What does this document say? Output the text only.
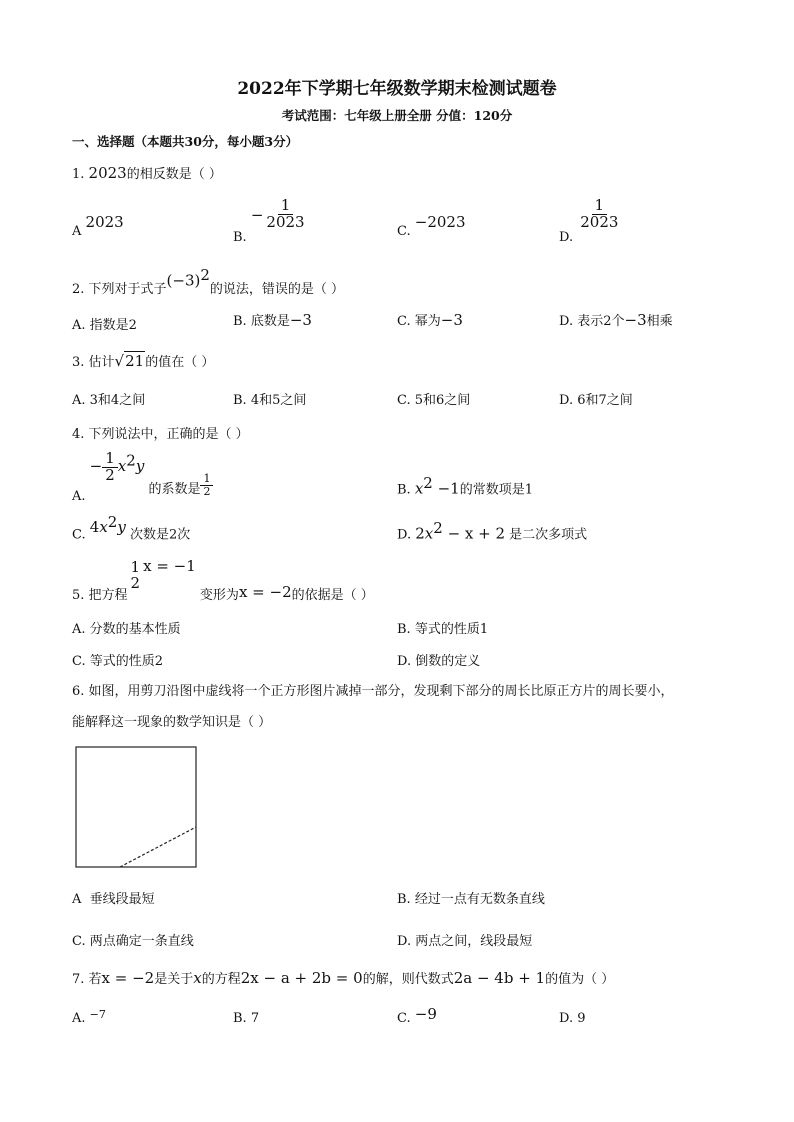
2022年下学期七年级数学期末检测试题卷
考试范围：七年级上册全册 分值：120分
一、选择题（本题共30分，每小题3分）
1. 2023的相反数是（ ）
A 2023
B. − $\frac{1}{2023}$
C. −2023
D.
$\frac{1}{2023}$
2. 下列对于式子$(-3)^2$的说法，错误的是（ ）
A. 指数是2	B. 底数是−3	C. 幂为−3	D. 表示2个−3相乘
3. 估计√21的值在（ ）
A. 3和4之间	B. 4和5之间	C. 5和6之间	D. 6和7之间
4. 下列说法中，正确的是（ ）
A. − $\frac{1}{2} x^2y$ 的系数是 $\frac{1}{2}$	B. $x^2 -1$的常数项是1
C. $4x^2y$ 次数是2次	D. $2x^2 - x + 2$ 是二次多项式
5. 把方程
1
2
x = −1 变形为x = −2的依据是（ ）
A. 分数的基本性质	B. 等式的性质1
C. 等式的性质2	D. 倒数的定义
6. 如图，用剪刀沿图中虚线将一个正方形图片减掉一部分，发现剩下部分的周长比原正方片的周长要小，
能解释这一现象的数学知识是（ ）
A 垂线段最短	B. 经过一点有无数条直线
C. 两点确定一条直线	D. 两点之间，线段最短
7. 若x = −2是关于x的方程2x − a + 2b = 0的解，则代数式2a − 4b + 1的值为（ ）
A. $^{-7}$	B. 7	C. −9	D. 9
